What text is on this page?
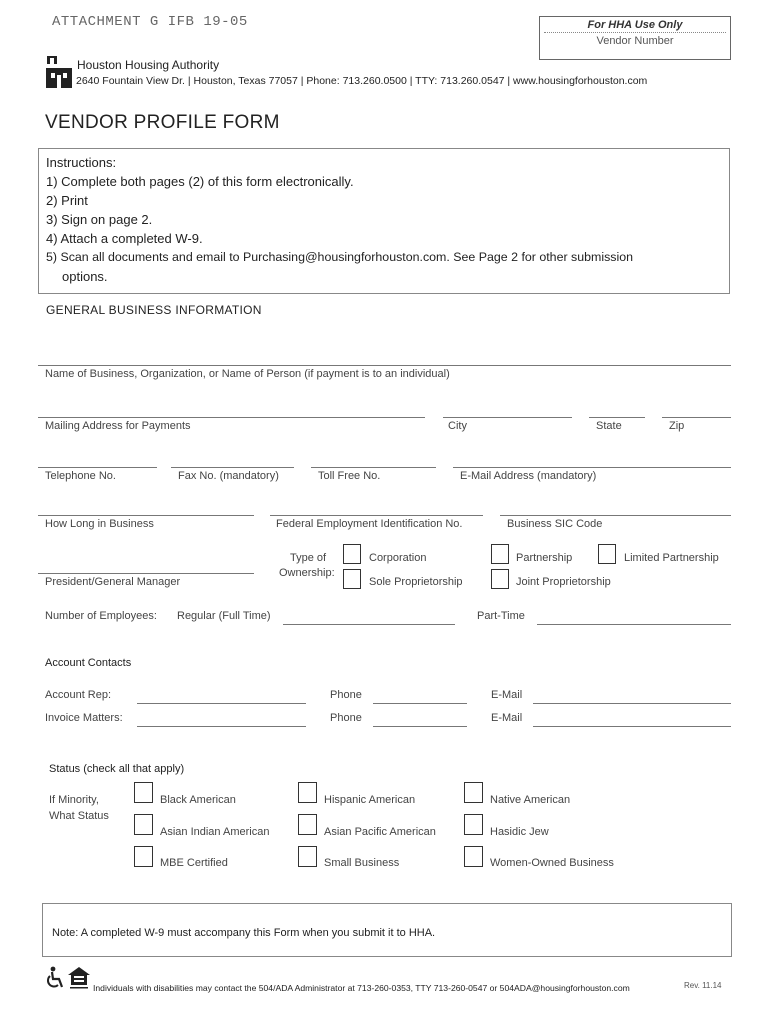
ATTACHMENT G IFB 19-05	For HHA Use Only
Vendor Number
Houston Housing Authority
2640 Fountain View Dr. | Houston, Texas 77057 | Phone: 713.260.0500 | TTY: 713.260.0547 | www.housingforhouston.com
VENDOR PROFILE FORM
Instructions:
1) Complete both pages (2) of this form electronically.
2) Print
3) Sign on page 2.
4) Attach a completed W-9.
5) Scan all documents and email to Purchasing@housingforhouston.com. See Page 2 for other submission
options.
GENERAL BUSINESS INFORMATION
Name of Business, Organization, or Name of Person (if payment is to an individual)
Mailing Address for Payments	City	State	Zip
Telephone No.	Fax No. (mandatory)	Toll Free No.	E-Mail Address (mandatory)
How Long in Business	Federal Employment Identification No.	Business SIC Code
President/General Manager
Type of
Ownership:
Corporation	Partnership	Limited Partnership
Sole Proprietorship	Joint Proprietorship
Number of Employees: Regular (Full Time)	Part-Time
Account Contacts
Account Rep:	Phone	E-Mail
Invoice Matters:	Phone	E-Mail
Status (check all that apply)
If Minority,
What Status
Black American	Hispanic American	Native American
Asian Indian American	Asian Pacific American	Hasidic Jew
MBE Certified	Small Business	Women-Owned Business
Note: A completed W-9 must accompany this Form when you submit it to HHA.
Individuals with disabilities may contact the 504/ADA Administrator at 713-260-0353, TTY 713-260-0547 or 504ADA@housingforhouston.com	Rev. 11.14
